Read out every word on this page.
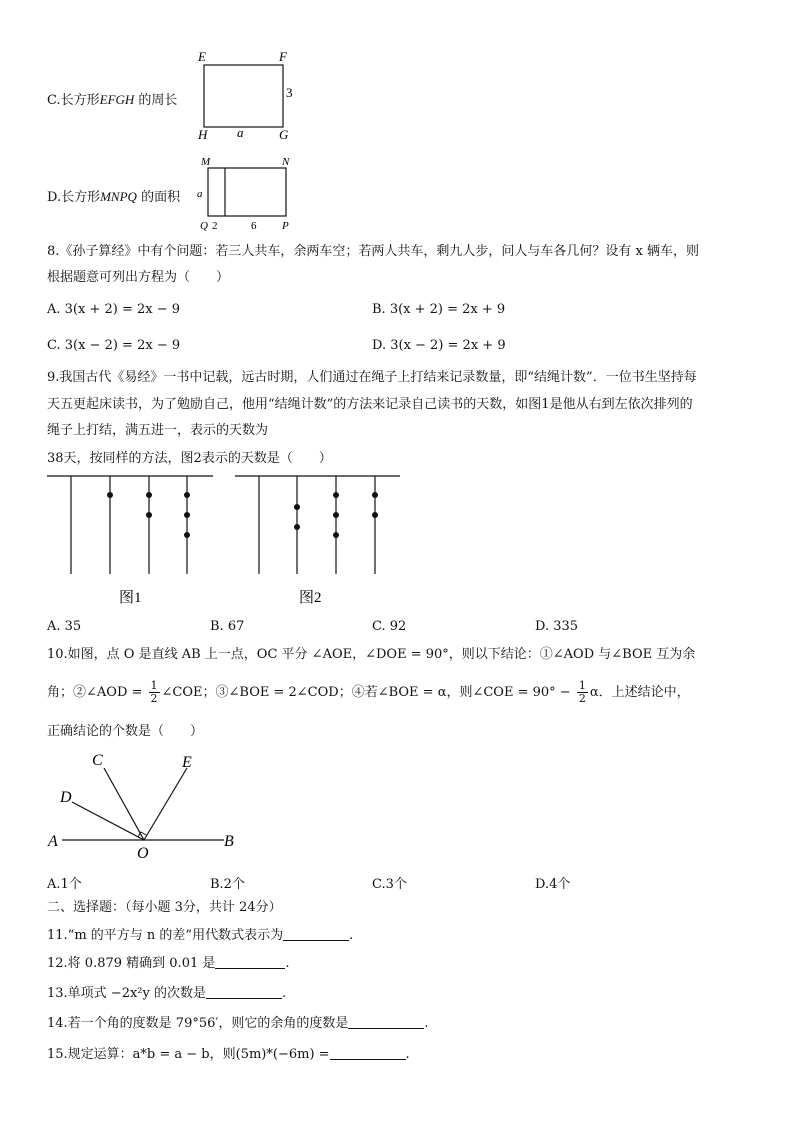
C.长方形EFGH 的周长
E	F
G
H
3
a
D.长方形MNPQ 的面积
M	N
P
Q
a
2	6
8.《孙子算经》中有个问题：若三人共车，余两车空；若两人共车，剩九人步，问人与车各几何？设有 x 辆车，则
根据题意可列出方程为（　　）
A. 3(x + 2) = 2x − 9	B. 3(x + 2) = 2x + 9
C. 3(x − 2) = 2x − 9	D. 3(x − 2) = 2x + 9
9.我国古代《易经》一书中记载，远古时期，人们通过在绳子上打结来记录数量，即“结绳计数”．一位书生坚持每
天五更起床读书，为了勉励自己，他用“结绳计数”的方法来记录自己读书的天数，如图1是他从右到左依次排列的
绳子上打结，满五进一，表示的天数为
38天，按同样的方法，图2表示的天数是（　　）
图1	图2
A. 35	B. 67	C. 92	D. 335
10.如图，点 O 是直线 AB 上一点，OC 平分 ∠AOE，∠DOE = 90°，则以下结论：①∠AOD 与∠BOE 互为余
角；②∠AOD = $\frac{1}{2}$ ∠COE；③∠BOE = 2∠COD；④若∠BOE = α，则∠COE = $90^\circ - \frac{1}{2}$ α．上述结论中，
正确结论的个数是（　　）
A	B
C
D
E
O
A.1个	B.2个	C.3个	D.4个
二、选择题：（每小题 3分，共计 24分）
11.“m 的平方与 n 的差”用代数式表示为	.
12.将 0.879 精确到 0.01 是	.
13.单项式 −2x²y 的次数是	.
14.若一个角的度数是 79°56′，则它的余角的度数是	.
15.规定运算：a*b = a − b，则(5m)*(−6m) =	.
